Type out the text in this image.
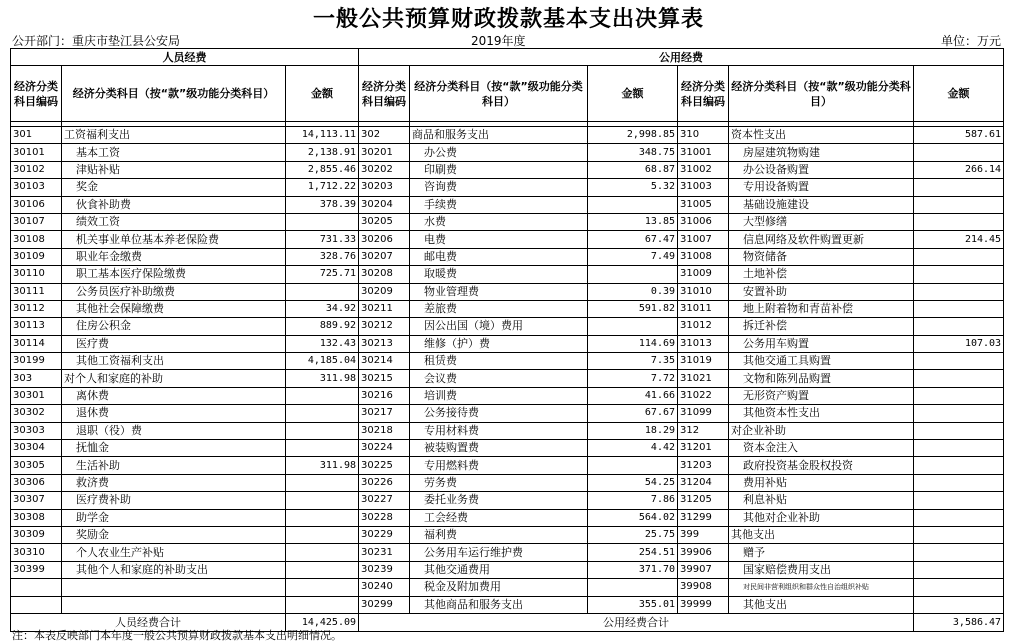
一般公共预算财政拨款基本支出决算表
公开部门：重庆市垫江县公安局	2019年度	单位：万元
人员经费			公用经费					
经济分类科目编码	经济分类科目（按“款”级功能分类科目）	金额	经济分类科目编码	经济分类科目（按“款”级功能分类科目）	金额	经济分类科目编码	经济分类科目（按“款”级功能分类科目）	金额

301	工资福利支出	14,113.11	302	商品和服务支出	2,998.85	310	资本性支出	587.61
30101	基本工资	2,138.91	30201	办公费	348.75	31001	房屋建筑物购建	
30102	津贴补贴	2,855.46	30202	印刷费	68.87	31002	办公设备购置	266.14
30103	奖金	1,712.22	30203	咨询费	5.32	31003	专用设备购置	
30106	伙食补助费	378.39	30204	手续费		31005	基础设施建设	
30107	绩效工资		30205	水费	13.85	31006	大型修缮	
30108	机关事业单位基本养老保险费	731.33	30206	电费	67.47	31007	信息网络及软件购置更新	214.45
30109	职业年金缴费	328.76	30207	邮电费	7.49	31008	物资储备	
30110	职工基本医疗保险缴费	725.71	30208	取暖费		31009	土地补偿	
30111	公务员医疗补助缴费		30209	物业管理费	0.39	31010	安置补助	
30112	其他社会保障缴费	34.92	30211	差旅费	591.82	31011	地上附着物和青苗补偿	
30113	住房公积金	889.92	30212	因公出国（境）费用		31012	拆迁补偿	
30114	医疗费	132.43	30213	维修（护）费	114.69	31013	公务用车购置	107.03
30199	其他工资福利支出	4,185.04	30214	租赁费	7.35	31019	其他交通工具购置	
303	对个人和家庭的补助	311.98	30215	会议费	7.72	31021	文物和陈列品购置	
30301	离休费		30216	培训费	41.66	31022	无形资产购置	
30302	退休费		30217	公务接待费	67.67	31099	其他资本性支出	
30303	退职（役）费		30218	专用材料费	18.29	312	对企业补助	
30304	抚恤金		30224	被装购置费	4.42	31201	资本金注入	
30305	生活补助	311.98	30225	专用燃料费		31203	政府投资基金股权投资	
30306	救济费		30226	劳务费	54.25	31204	费用补贴	
30307	医疗费补助		30227	委托业务费	7.86	31205	利息补贴	
30308	助学金		30228	工会经费	564.02	31299	其他对企业补助	
30309	奖励金		30229	福利费	25.75	399	其他支出	
30310	个人农业生产补贴		30231	公务用车运行维护费	254.51	39906	赠予	
30399	其他个人和家庭的补助支出		30239	其他交通费用	371.70	39907	国家赔偿费用支出	
			30240	税金及附加费用		39908	对民间非营利组织和群众性自治组织补贴	
			30299	其他商品和服务支出	355.01	39999	其他支出	
人员经费合计		14,425.09	公用经费合计					3,586.47
注：本表反映部门本年度一般公共预算财政拨款基本支出明细情况。
